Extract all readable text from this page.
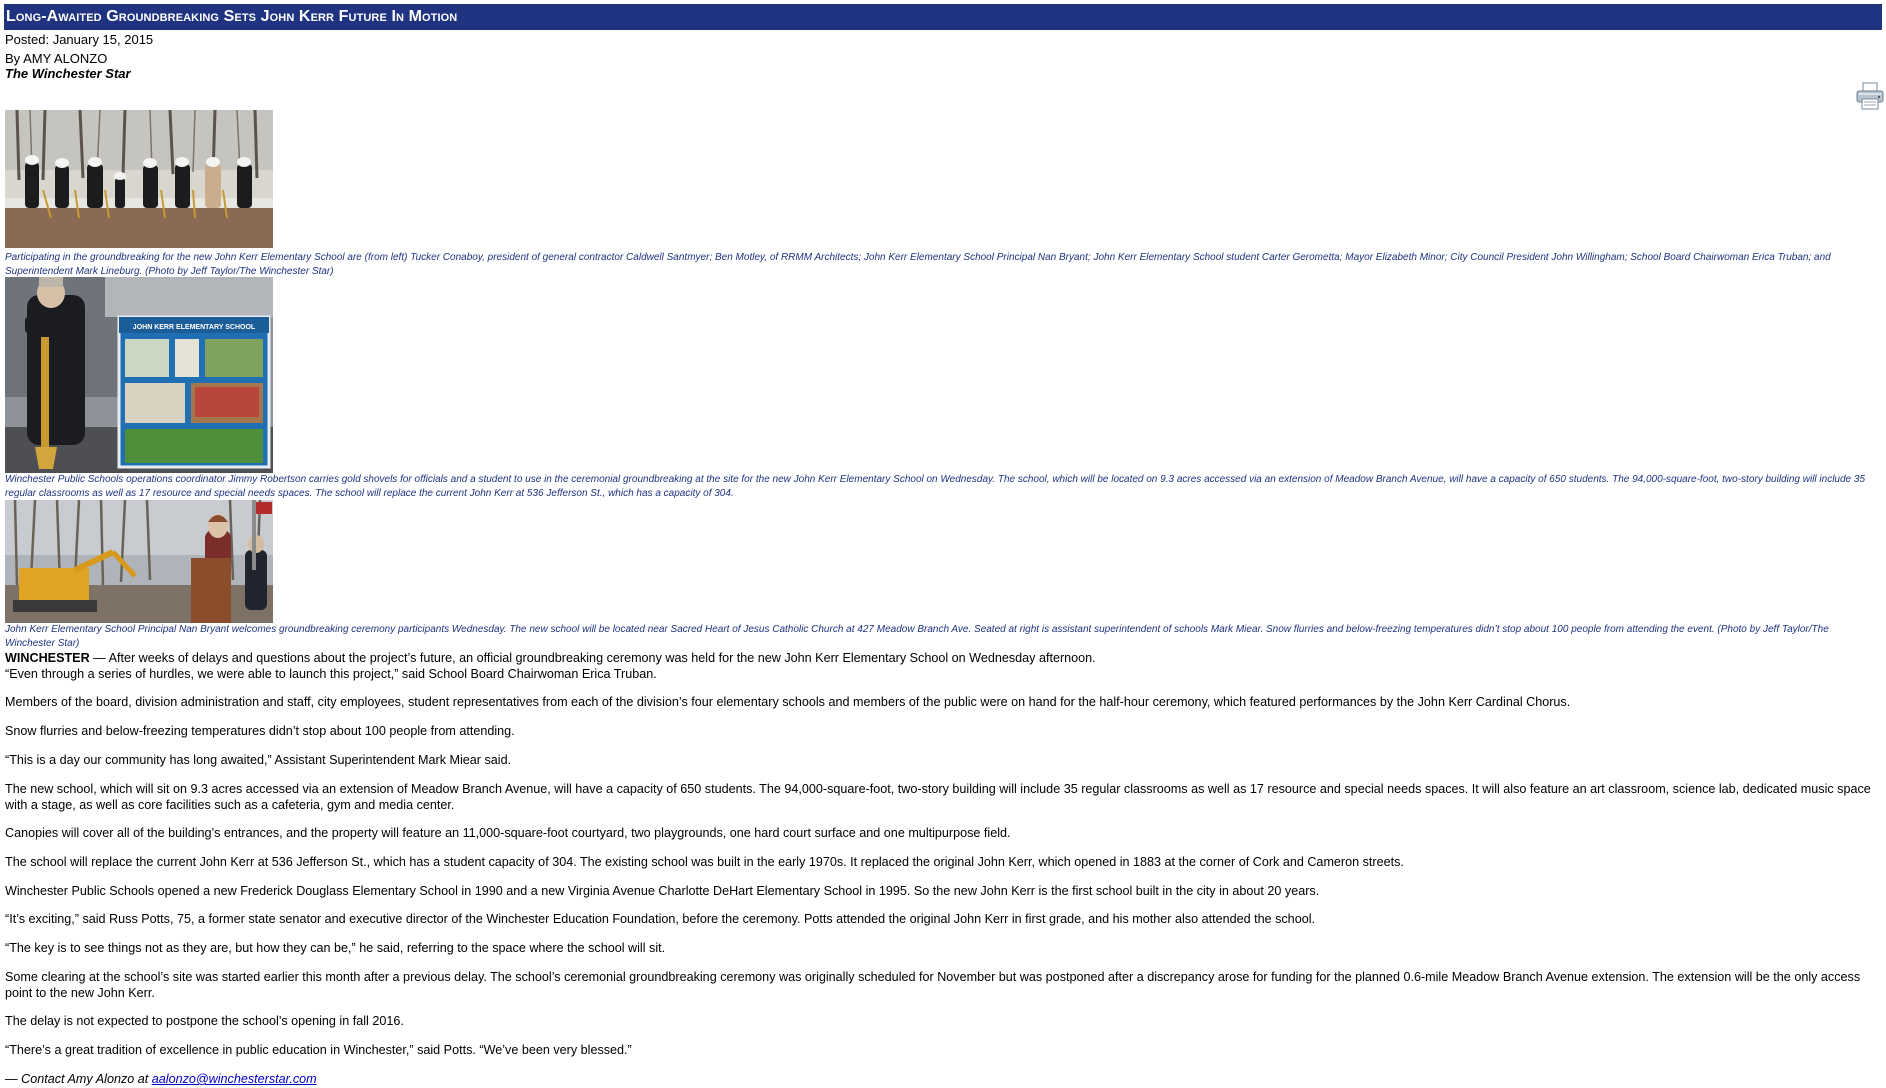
Long-Awaited Groundbreaking Sets John Kerr Future In Motion
Posted: January 15, 2015
By AMY ALONZO
The Winchester Star
Participating in the groundbreaking for the new John Kerr Elementary School are (from left) Tucker Conaboy, president of general contractor Caldwell Santmyer; Ben Motley, of RRMM Architects; John Kerr Elementary School Principal Nan Bryant; John Kerr Elementary School student Carter Gerometta; Mayor Elizabeth Minor; City Council President John Willingham; School Board Chairwoman Erica Truban; and Superintendent Mark Lineburg. (Photo by Jeff Taylor/The Winchester Star)
JOHN KERR ELEMENTARY SCHOOL
Winchester Public Schools operations coordinator Jimmy Robertson carries gold shovels for officials and a student to use in the ceremonial groundbreaking at the site for the new John Kerr Elementary School on Wednesday. The school, which will be located on 9.3 acres accessed via an extension of Meadow Branch Avenue, will have a capacity of 650 students. The 94,000-square-foot, two-story building will include 35 regular classrooms as well as 17 resource and special needs spaces. The school will replace the current John Kerr at 536 Jefferson St., which has a capacity of 304.
John Kerr Elementary School Principal Nan Bryant welcomes groundbreaking ceremony participants Wednesday. The new school will be located near Sacred Heart of Jesus Catholic Church at 427 Meadow Branch Ave. Seated at right is assistant superintendent of schools Mark Miear. Snow flurries and below-freezing temperatures didn’t stop about 100 people from attending the event. (Photo by Jeff Taylor/The Winchester Star)
WINCHESTER — After weeks of delays and questions about the project’s future, an official groundbreaking ceremony was held for the new John Kerr Elementary School on Wednesday afternoon.
“Even through a series of hurdles, we were able to launch this project,” said School Board Chairwoman Erica Truban.
Members of the board, division administration and staff, city employees, student representatives from each of the division’s four elementary schools and members of the public were on hand for the half-hour ceremony, which featured performances by the John Kerr Cardinal Chorus.
Snow flurries and below-freezing temperatures didn’t stop about 100 people from attending.
“This is a day our community has long awaited,” Assistant Superintendent Mark Miear said.
The new school, which will sit on 9.3 acres accessed via an extension of Meadow Branch Avenue, will have a capacity of 650 students. The 94,000-square-foot, two-story building will include 35 regular classrooms as well as 17 resource and special needs spaces. It will also feature an art classroom, science lab, dedicated music space with a stage, as well as core facilities such as a cafeteria, gym and media center.
Canopies will cover all of the building’s entrances, and the property will feature an 11,000-square-foot courtyard, two playgrounds, one hard court surface and one multipurpose field.
The school will replace the current John Kerr at 536 Jefferson St., which has a student capacity of 304. The existing school was built in the early 1970s. It replaced the original John Kerr, which opened in 1883 at the corner of Cork and Cameron streets.
Winchester Public Schools opened a new Frederick Douglass Elementary School in 1990 and a new Virginia Avenue Charlotte DeHart Elementary School in 1995. So the new John Kerr is the first school built in the city in about 20 years.
“It’s exciting,” said Russ Potts, 75, a former state senator and executive director of the Winchester Education Foundation, before the ceremony. Potts attended the original John Kerr in first grade, and his mother also attended the school.
“The key is to see things not as they are, but how they can be,” he said, referring to the space where the school will sit.
Some clearing at the school’s site was started earlier this month after a previous delay. The school’s ceremonial groundbreaking ceremony was originally scheduled for November but was postponed after a discrepancy arose for funding for the planned 0.6-mile Meadow Branch Avenue extension. The extension will be the only access point to the new John Kerr.
The delay is not expected to postpone the school’s opening in fall 2016.
“There’s a great tradition of excellence in public education in Winchester,” said Potts. “We’ve been very blessed.”
— Contact Amy Alonzo at aalonzo@winchesterstar.com
